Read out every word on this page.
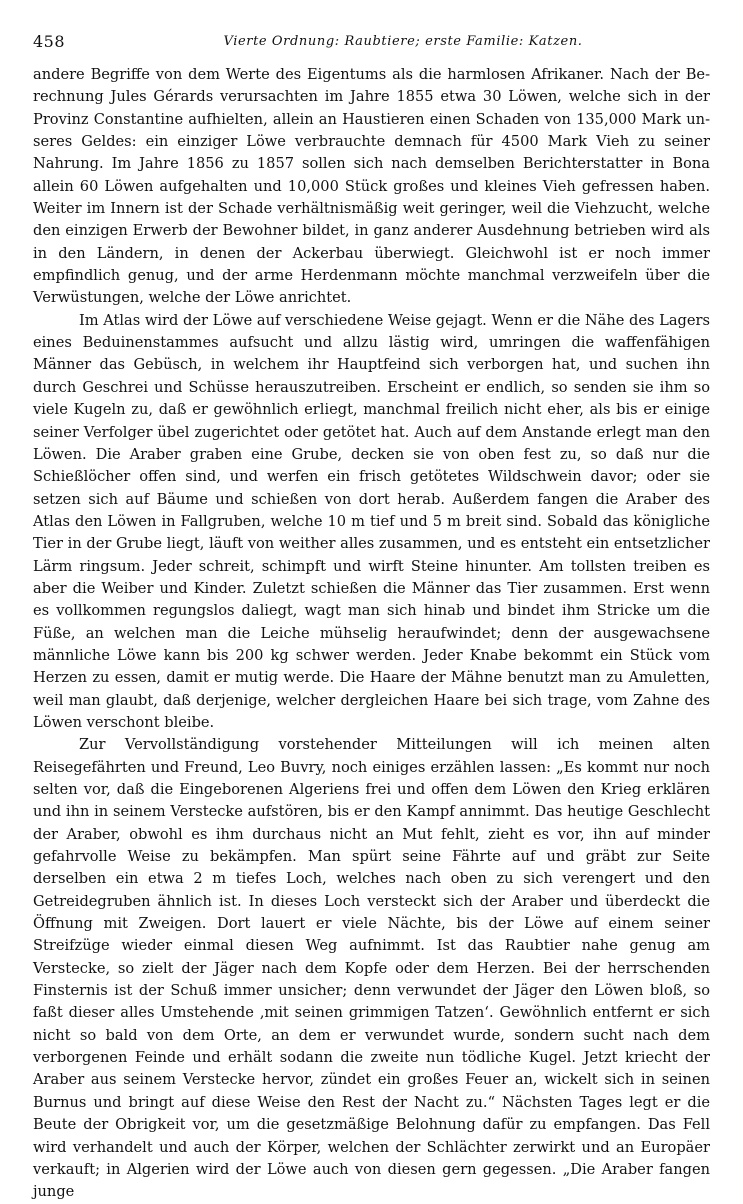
458	Vierte Ordnung: Raubtiere; erste Familie: Katzen.

andere Begriffe von dem Werte des Eigentums als die harmlosen Afrikaner. Nach der Berechnung Jules Gérards verursachten im Jahre 1855 etwa 30 Löwen, welche sich in der Provinz Constantine aufhielten, allein an Haustieren einen Schaden von 135,000 Mark unseres Geldes: ein einziger Löwe verbrauchte demnach für 4500 Mark Vieh zu seiner Nahrung. Im Jahre 1856 zu 1857 sollen sich nach demselben Berichterstatter in Bona allein 60 Löwen aufgehalten und 10,000 Stück großes und kleines Vieh gefressen haben. Weiter im Innern ist der Schade verhältnismäßig weit geringer, weil die Viehzucht, welche den einzigen Erwerb der Bewohner bildet, in ganz anderer Ausdehnung betrieben wird als in den Ländern, in denen der Ackerbau überwiegt. Gleichwohl ist er noch immer empfindlich genug, und der arme Herdenmann möchte manchmal verzweifeln über die Verwüstungen, welche der Löwe anrichtet.

Im Atlas wird der Löwe auf verschiedene Weise gejagt. Wenn er die Nähe des Lagers eines Beduinenstammes aufsucht und allzu lästig wird, umringen die waffenfähigen Männer das Gebüsch, in welchem ihr Hauptfeind sich verborgen hat, und suchen ihn durch Geschrei und Schüsse herauszutreiben. Erscheint er endlich, so senden sie ihm so viele Kugeln zu, daß er gewöhnlich erliegt, manchmal freilich nicht eher, als bis er einige seiner Verfolger übel zugerichtet oder getötet hat. Auch auf dem Anstande erlegt man den Löwen. Die Araber graben eine Grube, decken sie von oben fest zu, so daß nur die Schießlöcher offen sind, und werfen ein frisch getötetes Wildschwein davor; oder sie setzen sich auf Bäume und schießen von dort herab. Außerdem fangen die Araber des Atlas den Löwen in Fallgruben, welche 10 m tief und 5 m breit sind. Sobald das königliche Tier in der Grube liegt, läuft von weither alles zusammen, und es entsteht ein entsetzlicher Lärm ringsum. Jeder schreit, schimpft und wirft Steine hinunter. Am tollsten treiben es aber die Weiber und Kinder. Zuletzt schießen die Männer das Tier zusammen. Erst wenn es vollkommen regungslos daliegt, wagt man sich hinab und bindet ihm Stricke um die Füße, an welchen man die Leiche mühselig heraufwindet; denn der ausgewachsene männliche Löwe kann bis 200 kg schwer werden. Jeder Knabe bekommt ein Stück vom Herzen zu essen, damit er mutig werde. Die Haare der Mähne benutzt man zu Amuletten, weil man glaubt, daß derjenige, welcher dergleichen Haare bei sich trage, vom Zahne des Löwen verschont bleibe.

Zur Vervollständigung vorstehender Mitteilungen will ich meinen alten Reisegefährten und Freund, Leo Buvry, noch einiges erzählen lassen: „Es kommt nur noch selten vor, daß die Eingeborenen Algeriens frei und offen dem Löwen den Krieg erklären und ihn in seinem Verstecke aufstören, bis er den Kampf annimmt. Das heutige Geschlecht der Araber, obwohl es ihm durchaus nicht an Mut fehlt, zieht es vor, ihn auf minder gefahrvolle Weise zu bekämpfen. Man spürt seine Fährte auf und gräbt zur Seite derselben ein etwa 2 m tiefes Loch, welches nach oben zu sich verengert und den Getreidegruben ähnlich ist. In dieses Loch versteckt sich der Araber und überdeckt die Öffnung mit Zweigen. Dort lauert er viele Nächte, bis der Löwe auf einem seiner Streifzüge wieder einmal diesen Weg aufnimmt. Ist das Raubtier nahe genug am Verstecke, so zielt der Jäger nach dem Kopfe oder dem Herzen. Bei der herrschenden Finsternis ist der Schuß immer unsicher; denn verwundet der Jäger den Löwen bloß, so faßt dieser alles Umstehende ‚mit seinen grimmigen Tatzen‘. Gewöhnlich entfernt er sich nicht so bald von dem Orte, an dem er verwundet wurde, sondern sucht nach dem verborgenen Feinde und erhält sodann die zweite nun tödliche Kugel. Jetzt kriecht der Araber aus seinem Verstecke hervor, zündet ein großes Feuer an, wickelt sich in seinen Burnus und bringt auf diese Weise den Rest der Nacht zu.“ Nächsten Tages legt er die Beute der Obrigkeit vor, um die gesetzmäßige Belohnung dafür zu empfangen. Das Fell wird verhandelt und auch der Körper, welchen der Schlächter zerwirkt und an Europäer verkauft; in Algerien wird der Löwe auch von diesen gern gegessen. „Die Araber fangen junge
